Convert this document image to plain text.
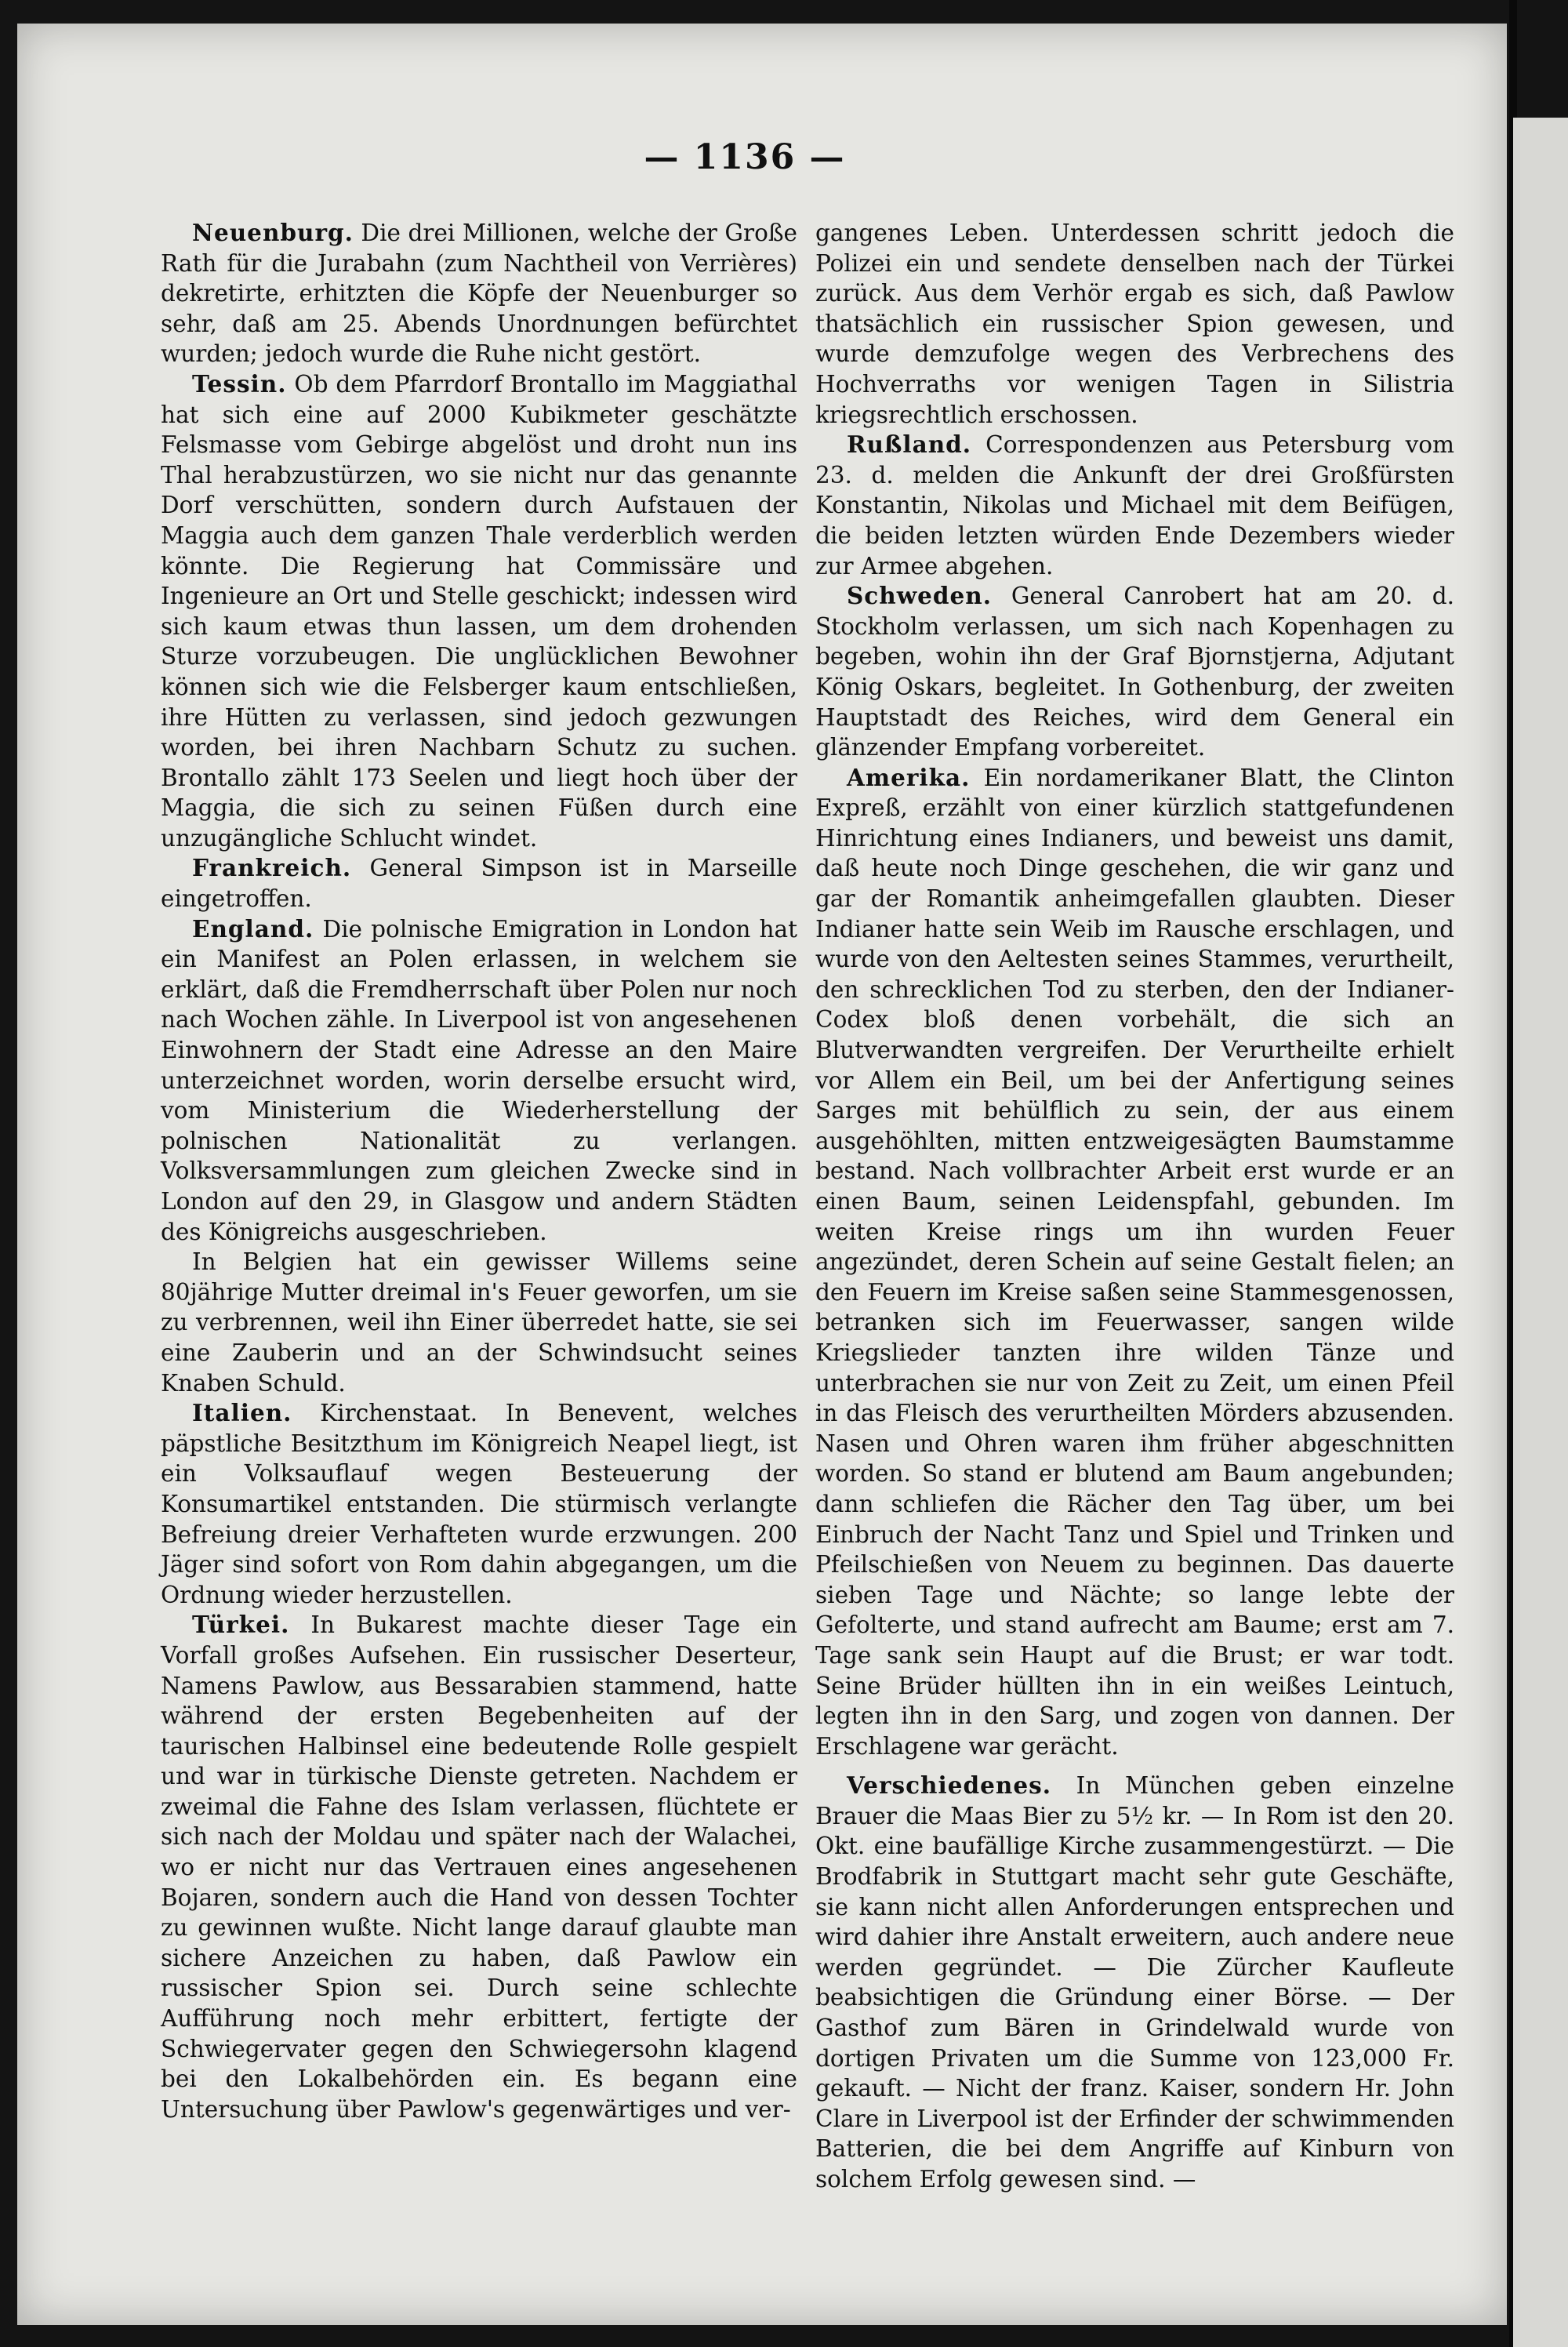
— 1136 —

Neuenburg. Die drei Millionen, welche der Große Rath für die Jurabahn (zum Nachtheil von Verrières) dekretirte, erhitzten die Köpfe der Neuenburger so sehr, daß am 25. Abends Unordnungen befürchtet wurden; jedoch wurde die Ruhe nicht gestört.

Tessin. Ob dem Pfarrdorf Brontallo im Maggiathal hat sich eine auf 2000 Kubikmeter geschätzte Felsmasse vom Gebirge abgelöst und droht nun ins Thal herabzustürzen, wo sie nicht nur das genannte Dorf verschütten, sondern durch Aufstauen der Maggia auch dem ganzen Thale verderblich werden könnte. Die Regierung hat Commissäre und Ingenieure an Ort und Stelle geschickt; indessen wird sich kaum etwas thun lassen, um dem drohenden Sturze vorzubeugen. Die unglücklichen Bewohner können sich wie die Felsberger kaum entschließen, ihre Hütten zu verlassen, sind jedoch gezwungen worden, bei ihren Nachbarn Schutz zu suchen. Brontallo zählt 173 Seelen und liegt hoch über der Maggia, die sich zu seinen Füßen durch eine unzugängliche Schlucht windet.

Frankreich. General Simpson ist in Marseille eingetroffen.

England. Die polnische Emigration in London hat ein Manifest an Polen erlassen, in welchem sie erklärt, daß die Fremdherrschaft über Polen nur noch nach Wochen zähle. In Liverpool ist von angesehenen Einwohnern der Stadt eine Adresse an den Maire unterzeichnet worden, worin derselbe ersucht wird, vom Ministerium die Wiederherstellung der polnischen Nationalität zu verlangen. Volksversammlungen zum gleichen Zwecke sind in London auf den 29, in Glasgow und andern Städten des Königreichs ausgeschrieben.

In Belgien hat ein gewisser Willems seine 80jährige Mutter dreimal in's Feuer geworfen, um sie zu verbrennen, weil ihn Einer überredet hatte, sie sei eine Zauberin und an der Schwindsucht seines Knaben Schuld.

Italien. Kirchenstaat. In Benevent, welches päpstliche Besitzthum im Königreich Neapel liegt, ist ein Volksauflauf wegen Besteuerung der Konsumartikel entstanden. Die stürmisch verlangte Befreiung dreier Verhafteten wurde erzwungen. 200 Jäger sind sofort von Rom dahin abgegangen, um die Ordnung wieder herzustellen.

Türkei. In Bukarest machte dieser Tage ein Vorfall großes Aufsehen. Ein russischer Deserteur, Namens Pawlow, aus Bessarabien stammend, hatte während der ersten Begebenheiten auf der taurischen Halbinsel eine bedeutende Rolle gespielt und war in türkische Dienste getreten. Nachdem er zweimal die Fahne des Islam verlassen, flüchtete er sich nach der Moldau und später nach der Walachei, wo er nicht nur das Vertrauen eines angesehenen Bojaren, sondern auch die Hand von dessen Tochter zu gewinnen wußte. Nicht lange darauf glaubte man sichere Anzeichen zu haben, daß Pawlow ein russischer Spion sei. Durch seine schlechte Aufführung noch mehr erbittert, fertigte der Schwiegervater gegen den Schwiegersohn klagend bei den Lokalbehörden ein. Es begann eine Untersuchung über Pawlow's gegenwärtiges und ver-

gangenes Leben. Unterdessen schritt jedoch die Polizei ein und sendete denselben nach der Türkei zurück. Aus dem Verhör ergab es sich, daß Pawlow thatsächlich ein russischer Spion gewesen, und wurde demzufolge wegen des Verbrechens des Hochverraths vor wenigen Tagen in Silistria kriegsrechtlich erschossen.

Rußland. Correspondenzen aus Petersburg vom 23. d. melden die Ankunft der drei Großfürsten Konstantin, Nikolas und Michael mit dem Beifügen, die beiden letzten würden Ende Dezembers wieder zur Armee abgehen.

Schweden. General Canrobert hat am 20. d. Stockholm verlassen, um sich nach Kopenhagen zu begeben, wohin ihn der Graf Bjornstjerna, Adjutant König Oskars, begleitet. In Gothenburg, der zweiten Hauptstadt des Reiches, wird dem General ein glänzender Empfang vorbereitet.

Amerika. Ein nordamerikaner Blatt, the Clinton Expreß, erzählt von einer kürzlich stattgefundenen Hinrichtung eines Indianers, und beweist uns damit, daß heute noch Dinge geschehen, die wir ganz und gar der Romantik anheimgefallen glaubten. Dieser Indianer hatte sein Weib im Rausche erschlagen, und wurde von den Aeltesten seines Stammes, verurtheilt, den schrecklichen Tod zu sterben, den der Indianer-Codex bloß denen vorbehält, die sich an Blutverwandten vergreifen. Der Verurtheilte erhielt vor Allem ein Beil, um bei der Anfertigung seines Sarges mit behülflich zu sein, der aus einem ausgehöhlten, mitten entzweigesägten Baumstamme bestand. Nach vollbrachter Arbeit erst wurde er an einen Baum, seinen Leidenspfahl, gebunden. Im weiten Kreise rings um ihn wurden Feuer angezündet, deren Schein auf seine Gestalt fielen; an den Feuern im Kreise saßen seine Stammesgenossen, betranken sich im Feuerwasser, sangen wilde Kriegslieder tanzten ihre wilden Tänze und unterbrachen sie nur von Zeit zu Zeit, um einen Pfeil in das Fleisch des verurtheilten Mörders abzusenden. Nasen und Ohren waren ihm früher abgeschnitten worden. So stand er blutend am Baum angebunden; dann schliefen die Rächer den Tag über, um bei Einbruch der Nacht Tanz und Spiel und Trinken und Pfeilschießen von Neuem zu beginnen. Das dauerte sieben Tage und Nächte; so lange lebte der Gefolterte, und stand aufrecht am Baume; erst am 7. Tage sank sein Haupt auf die Brust; er war todt. Seine Brüder hüllten ihn in ein weißes Leintuch, legten ihn in den Sarg, und zogen von dannen. Der Erschlagene war gerächt.

Verschiedenes. In München geben einzelne Brauer die Maas Bier zu 5½ kr. — In Rom ist den 20. Okt. eine baufällige Kirche zusammengestürzt. — Die Brodfabrik in Stuttgart macht sehr gute Geschäfte, sie kann nicht allen Anforderungen entsprechen und wird dahier ihre Anstalt erweitern, auch andere neue werden gegründet. — Die Zürcher Kaufleute beabsichtigen die Gründung einer Börse. — Der Gasthof zum Bären in Grindelwald wurde von dortigen Privaten um die Summe von 123,000 Fr. gekauft. — Nicht der franz. Kaiser, sondern Hr. John Clare in Liverpool ist der Erfinder der schwimmenden Batterien, die bei dem Angriffe auf Kinburn von solchem Erfolg gewesen sind. —
